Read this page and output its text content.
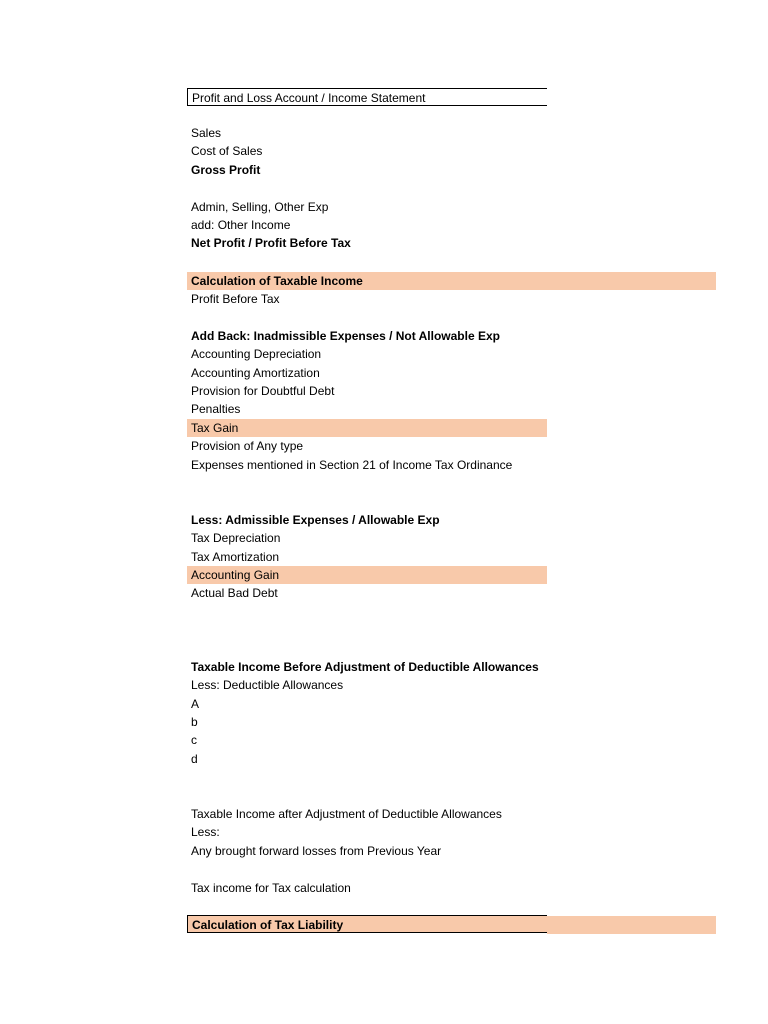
Profit and Loss Account / Income Statement
Sales
Cost of Sales
Gross Profit
Admin, Selling, Other Exp
add: Other Income
Net Profit / Profit Before Tax
Calculation of Taxable Income
Profit Before Tax
Add Back: Inadmissible Expenses / Not Allowable Exp
Accounting Depreciation
Accounting Amortization
Provision for Doubtful Debt
Penalties
Tax Gain
Provision of Any type
Expenses mentioned in Section 21 of Income Tax Ordinance
Less: Admissible Expenses / Allowable Exp
Tax Depreciation
Tax Amortization
Accounting Gain
Actual Bad Debt
Taxable Income Before Adjustment of Deductible Allowances
Less: Deductible Allowances
A
b
c
d
Taxable Income after Adjustment of Deductible Allowances
Less:
Any brought forward losses from Previous Year
Tax income for Tax calculation
Calculation of Tax Liability
